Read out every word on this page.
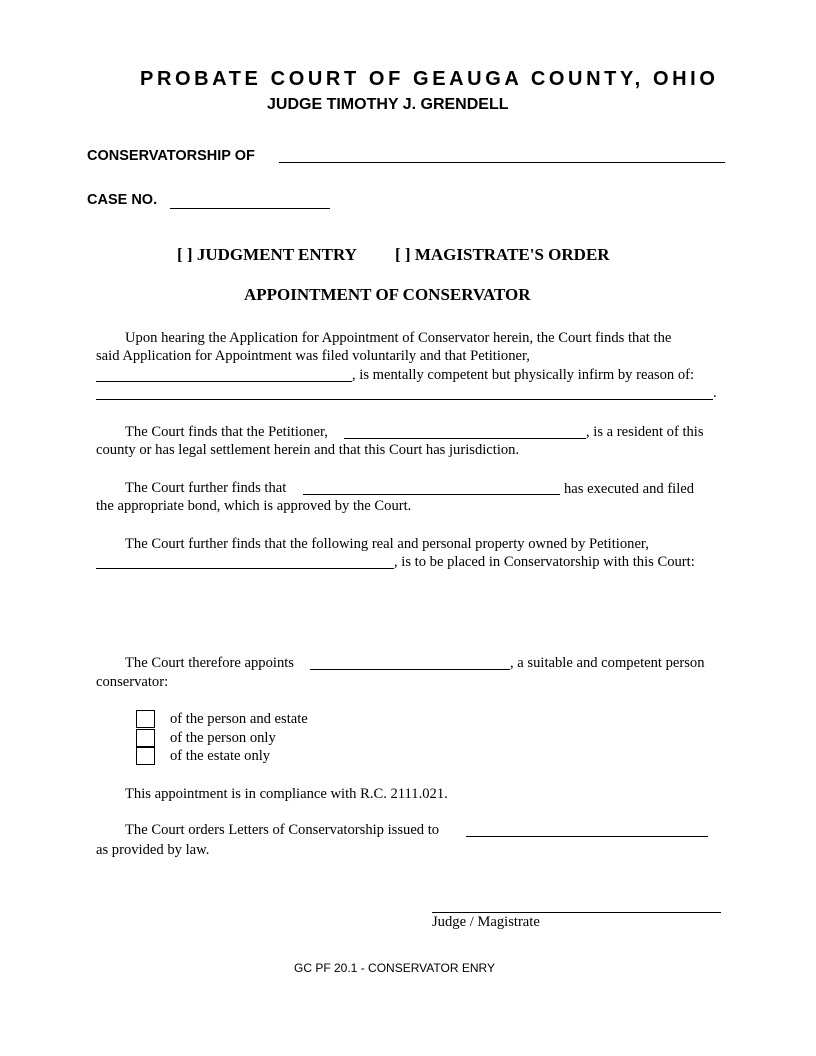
PROBATE COURT OF GEAUGA COUNTY, OHIO
JUDGE TIMOTHY J. GRENDELL
CONSERVATORSHIP OF
CASE NO.
[ ] JUDGMENT ENTRY [ ] MAGISTRATE'S ORDER
APPOINTMENT OF CONSERVATOR
Upon hearing the Application for Appointment of Conservator herein, the Court finds that the
said Application for Appointment was filed voluntarily and that Petitioner,
, is mentally competent but physically infirm by reason of:
.
The Court finds that the Petitioner,	, is a resident of this
county or has legal settlement herein and that this Court has jurisdiction.
The Court further finds that	has executed and filed
the appropriate bond, which is approved by the Court.
The Court further finds that the following real and personal property owned by Petitioner,
, is to be placed in Conservatorship with this Court:
The Court therefore appoints	, a suitable and competent person
conservator:
of the person and estate
of the person only
of the estate only
This appointment is in compliance with R.C. 2111.021.
The Court orders Letters of Conservatorship issued to
as provided by law.
Judge / Magistrate
GC PF 20.1 - CONSERVATOR ENRY
